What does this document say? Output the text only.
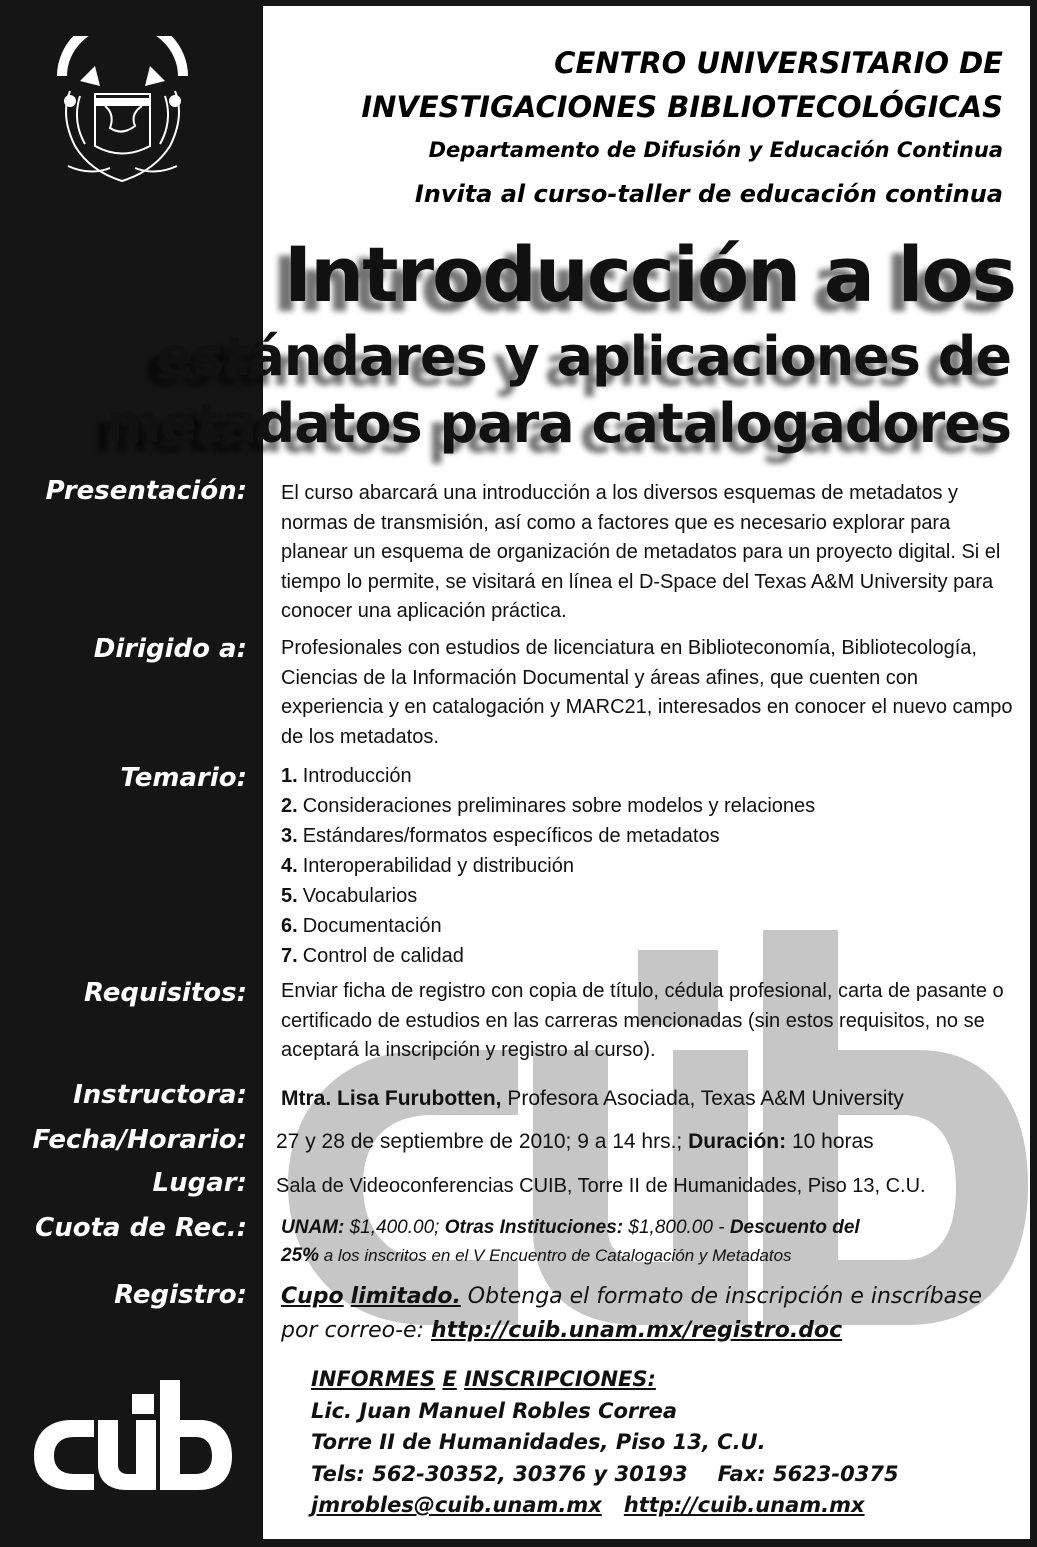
CENTRO UNIVERSITARIO DE
INVESTIGACIONES BIBLIOTECOLÓGICAS
Departamento de Difusión y Educación Continua
Invita al curso-taller de educación continua
Introducción a los
estándares y aplicaciones de
metadatos para catalogadores
Presentación: El curso abarcará una introducción a los diversos esquemas de metadatos y normas de transmisión, así como a factores que es necesario explorar para planear un esquema de organización de metadatos para un proyecto digital. Si el tiempo lo permite, se visitará en línea el D-Space del Texas A&M University para conocer una aplicación práctica.

Dirigido a: Profesionales con estudios de licenciatura en Biblioteconomía, Bibliotecología, Ciencias de la Información Documental y áreas afines, que cuenten con experiencia y en catalogación y MARC21, interesados en conocer el nuevo campo de los metadatos.

Temario: 1. Introducción
2. Consideraciones preliminares sobre modelos y relaciones
3. Estándares/formatos específicos de metadatos
4. Interoperabilidad y distribución
5. Vocabularios
6. Documentación
7. Control de calidad
Requisitos: Enviar ficha de registro con copia de título, cédula profesional, carta de pasante o certificado de estudios en las carreras mencionadas (sin estos requisitos, no se aceptará la inscripción y registro al curso).

Instructora: Mtra. Lisa Furubotten, Profesora Asociada, Texas A&M University
Fecha/Horario: 27 y 28 de septiembre de 2010; 9 a 14 hrs.; Duración: 10 horas
Lugar: Sala de Videoconferencias CUIB, Torre II de Humanidades, Piso 13, C.U.
Cuota de Rec.: UNAM: $1,400.00; Otras Instituciones: $1,800.00 - Descuento del
25% a los inscritos en el V Encuentro de Catalogación y Metadatos
Registro: Cupo limitado. Obtenga el formato de inscripción e inscríbase
por correo-e: http://cuib.unam.mx/registro.doc
INFORMES E INSCRIPCIONES:
Lic. Juan Manuel Robles Correa
Torre II de Humanidades, Piso 13, C.U.
Tels: 562-30352, 30376 y 30193 Fax: 5623-0375
jmrobles@cuib.unam.mx http://cuib.unam.mx
